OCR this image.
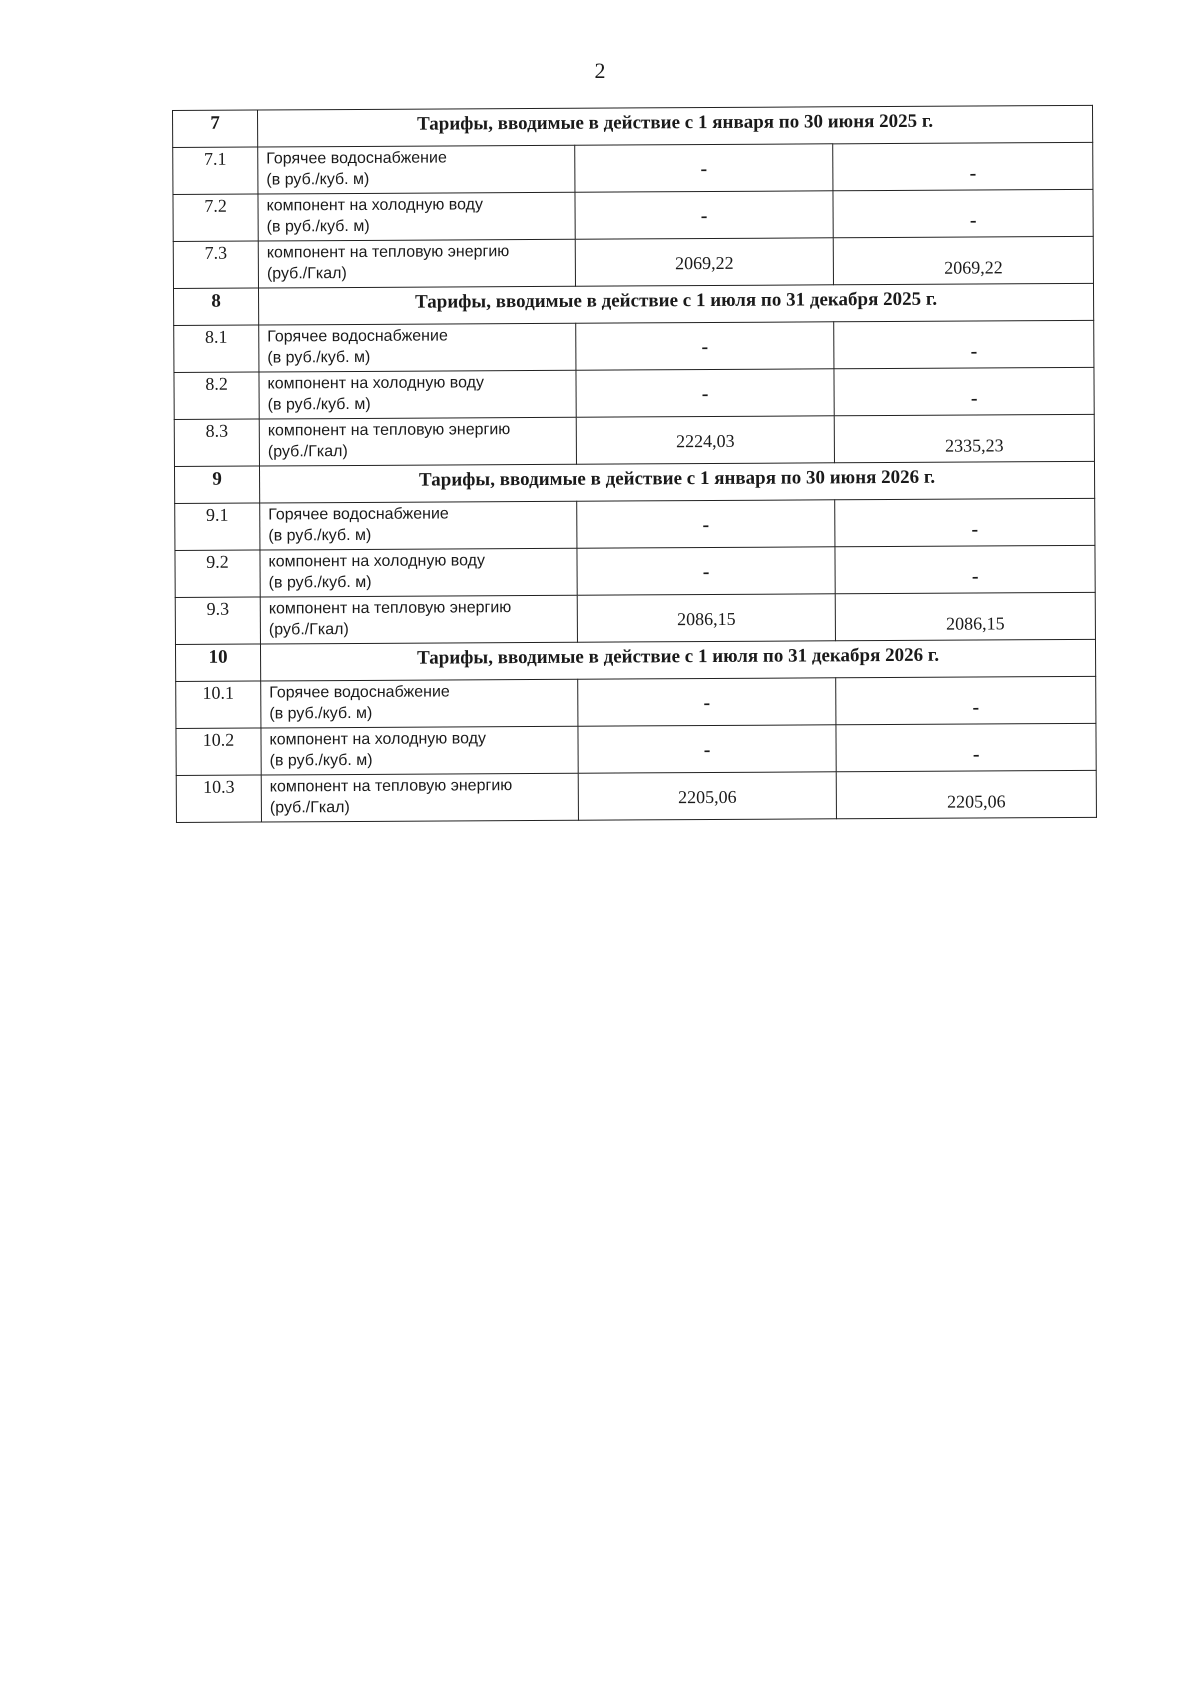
2
7	Тарифы, вводимые в действие с 1 января по 30 июня 2025 г.		
7.1	Горячее водоснабжение
(в руб./куб. м)	-	-
7.2	компонент на холодную воду
(в руб./куб. м)	-	-
7.3	компонент на тепловую энергию
(руб./Гкал)	2069,22	2069,22
8	Тарифы, вводимые в действие с 1 июля по 31 декабря 2025 г.		
8.1	Горячее водоснабжение
(в руб./куб. м)	-	-
8.2	компонент на холодную воду
(в руб./куб. м)	-	-
8.3	компонент на тепловую энергию
(руб./Гкал)	2224,03	2335,23
9	Тарифы, вводимые в действие с 1 января по 30 июня 2026 г.		
9.1	Горячее водоснабжение
(в руб./куб. м)	-	-
9.2	компонент на холодную воду
(в руб./куб. м)	-	-
9.3	компонент на тепловую энергию
(руб./Гкал)	2086,15	2086,15
10	Тарифы, вводимые в действие с 1 июля по 31 декабря 2026 г.		
10.1	Горячее водоснабжение
(в руб./куб. м)	-	-
10.2	компонент на холодную воду
(в руб./куб. м)	-	-
10.3	компонент на тепловую энергию
(руб./Гкал)	2205,06	2205,06
